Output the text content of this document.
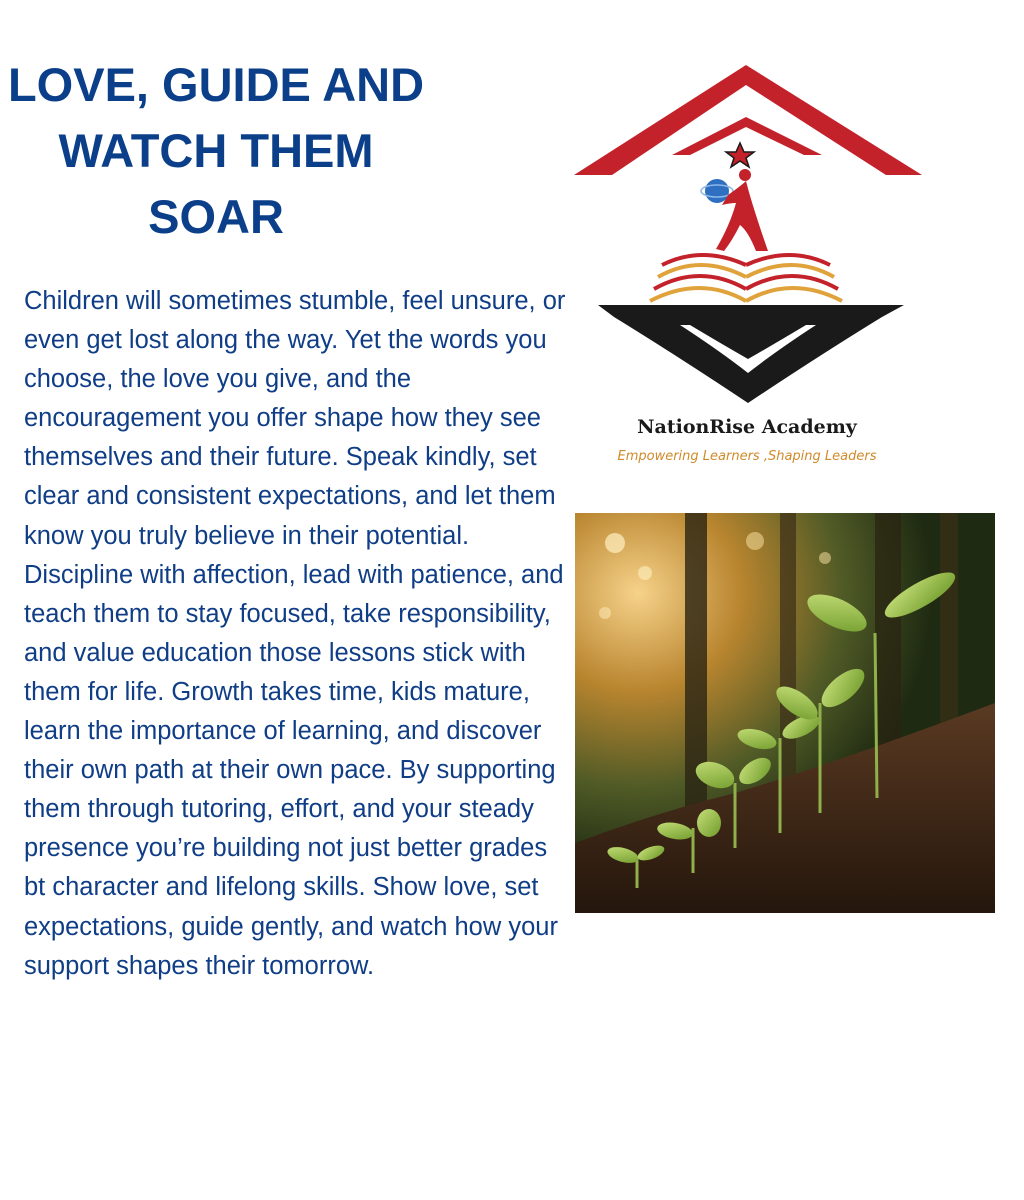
LOVE, GUIDE AND
WATCH THEM
SOAR

Children will sometimes stumble, feel unsure, or even get lost along the way. Yet the words you choose, the love you give, and the encouragement you offer shape how they see themselves and their future. Speak kindly, set clear and consistent expectations, and let them know you truly believe in their potential. Discipline with affection, lead with patience, and teach them to stay focused, take responsibility, and value education those lessons stick with them for life. Growth takes time, kids mature, learn the importance of learning, and discover their own path at their own pace. By supporting them through tutoring, effort, and your steady presence you’re building not just better grades bt character and lifelong skills. Show love, set expectations, guide gently, and watch how your support shapes their tomorrow.

NationRise Academy
Empowering Learners ,Shaping Leaders
